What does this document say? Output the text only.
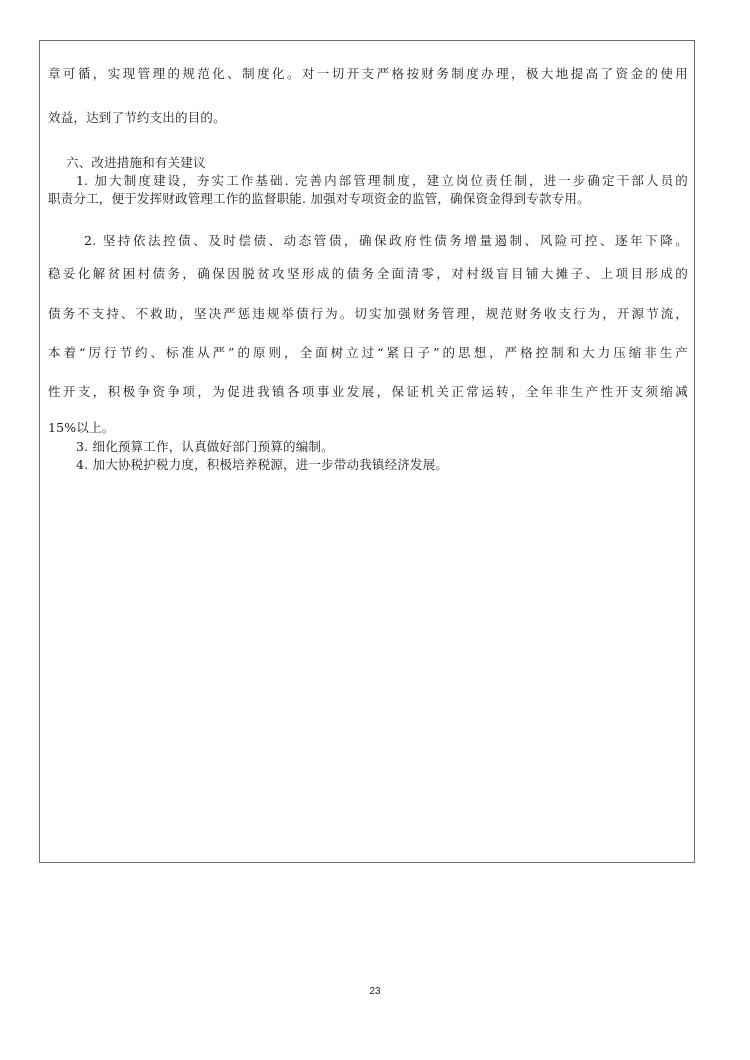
章可循，实现管理的规范化、制度化。对一切开支严格按财务制度办理，极大地提高了资金的使用
效益，达到了节约支出的目的。
六、改进措施和有关建议
1. 加大制度建设，夯实工作基础. 完善内部管理制度，建立岗位责任制，进一步确定干部人员的
职责分工，便于发挥财政管理工作的监督职能. 加强对专项资金的监管，确保资金得到专款专用。
2. 坚持依法控债、及时偿债、动态管债，确保政府性债务增量遏制、风险可控、逐年下降。
稳妥化解贫困村债务，确保因脱贫攻坚形成的债务全面清零，对村级盲目铺大摊子、上项目形成的
债务不支持、不救助，坚决严惩违规举债行为。切实加强财务管理，规范财务收支行为，开源节流，
本着“厉行节约、标准从严”的原则，全面树立过“紧日子”的思想，严格控制和大力压缩非生产
性开支，积极争资争项，为促进我镇各项事业发展，保证机关正常运转，全年非生产性开支须缩减
15%以上。
3. 细化预算工作，认真做好部门预算的编制。
4. 加大协税护税力度，积极培养税源，进一步带动我镇经济发展。
23
